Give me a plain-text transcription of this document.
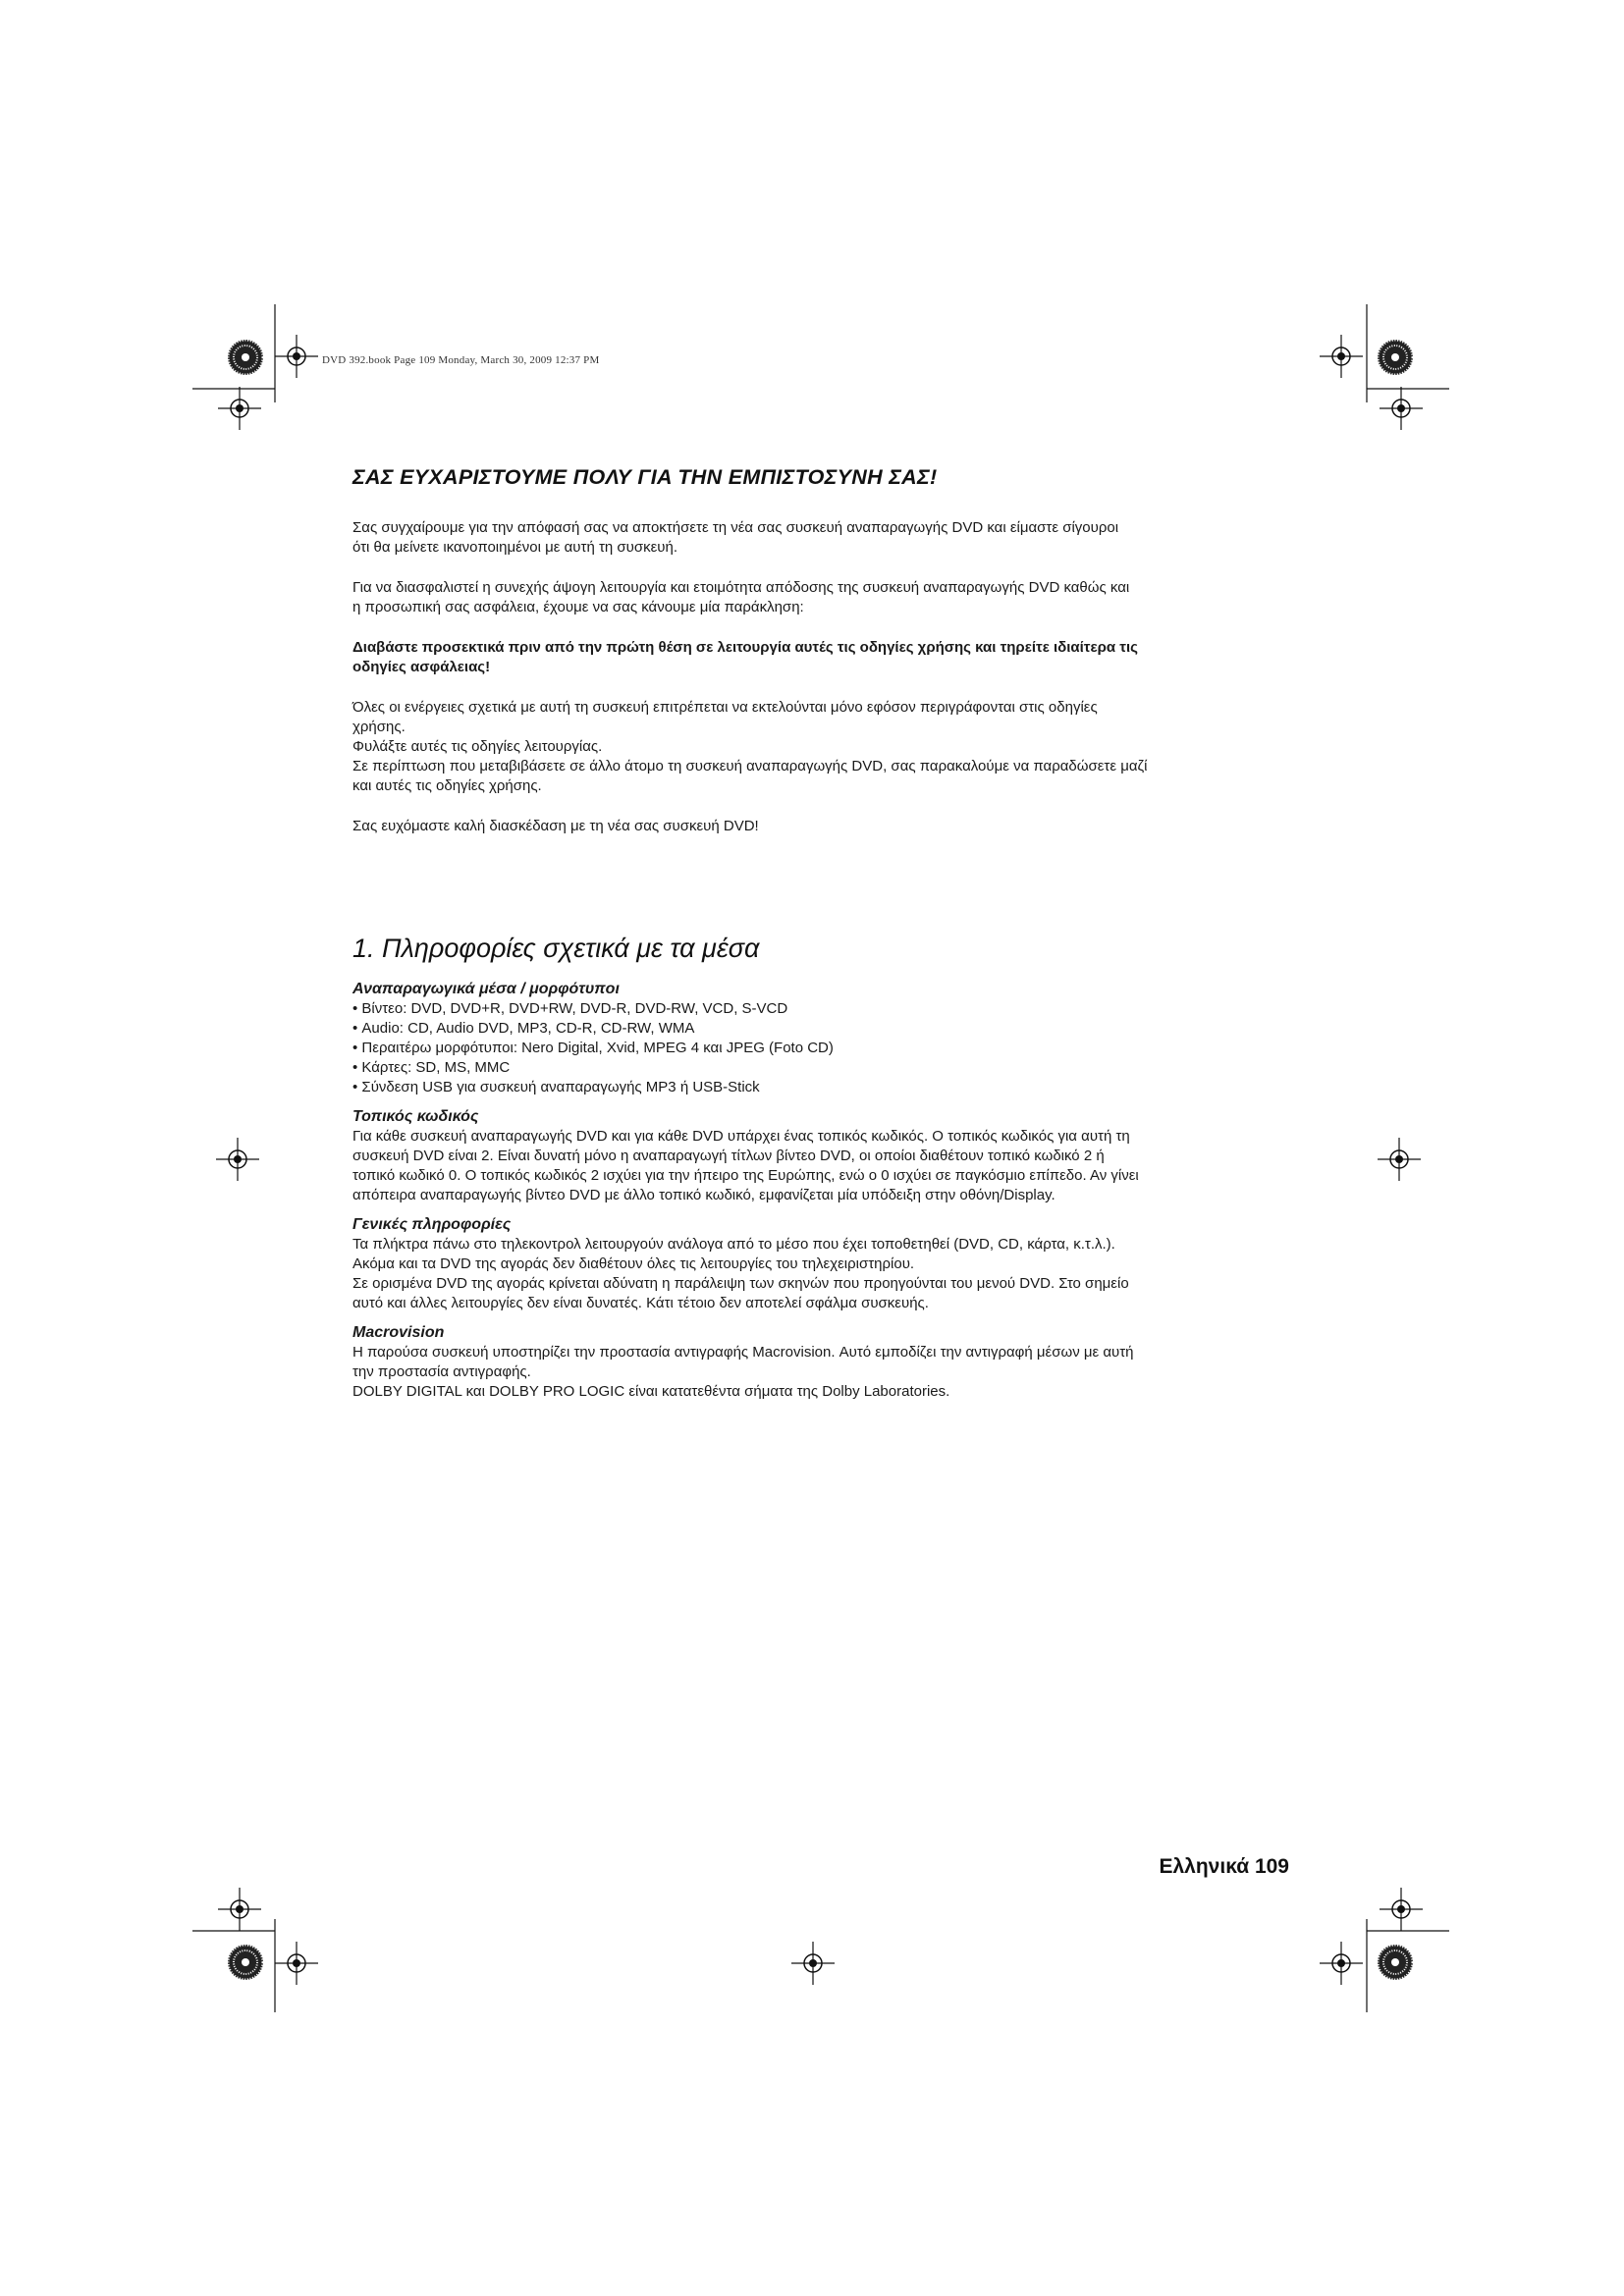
DVD 392.book Page 109 Monday, March 30, 2009 12:37 PM
ΣΑΣ ΕΥΧΑΡΙΣΤΟΥΜΕ ΠΟΛΥ ΓΙΑ ΤΗΝ ΕΜΠΙΣΤΟΣΥΝΗ ΣΑΣ!

Σας συγχαίρουμε για την απόφασή σας να αποκτήσετε τη νέα σας συσκευή αναπαραγωγής DVD και είμαστε σίγουροι
ότι θα μείνετε ικανοποιημένοι με αυτή τη συσκευή.

Για να διασφαλιστεί η συνεχής άψογη λειτουργία και ετοιμότητα απόδοσης της συσκευή αναπαραγωγής DVD καθώς και
η προσωπική σας ασφάλεια, έχουμε να σας κάνουμε μία παράκληση:

Διαβάστε προσεκτικά πριν από την πρώτη θέση σε λειτουργία αυτές τις οδηγίες χρήσης και τηρείτε ιδιαίτερα τις
οδηγίες ασφάλειας!

Όλες οι ενέργειες σχετικά με αυτή τη συσκευή επιτρέπεται να εκτελούνται μόνο εφόσον περιγράφονται στις οδηγίες
χρήσης.
Φυλάξτε αυτές τις οδηγίες λειτουργίας.
Σε περίπτωση που μεταβιβάσετε σε άλλο άτομο τη συσκευή αναπαραγωγής DVD, σας παρακαλούμε να παραδώσετε μαζί
και αυτές τις οδηγίες χρήσης.

Σας ευχόμαστε καλή διασκέδαση με τη νέα σας συσκευή DVD!

1. Πληροφορίες σχετικά με τα μέσα

Αναπαραγωγικά μέσα / μορφότυποι

• Βίντεο: DVD, DVD+R, DVD+RW, DVD-R, DVD-RW, VCD, S-VCD
• Audio: CD, Audio DVD, MP3, CD-R, CD-RW, WMA
• Περαιτέρω μορφότυποι: Nero Digital, Xvid, MPEG 4 και JPEG (Foto CD)
• Κάρτες: SD, MS, MMC
• Σύνδεση USB για συσκευή αναπαραγωγής MP3 ή USB-Stick

Τοπικός κωδικός

Για κάθε συσκευή αναπαραγωγής DVD και για κάθε DVD υπάρχει ένας τοπικός κωδικός. Ο τοπικός κωδικός για αυτή τη
συσκευή DVD είναι 2. Είναι δυνατή μόνο η αναπαραγωγή τίτλων βίντεο DVD, οι οποίοι διαθέτουν τοπικό κωδικό 2 ή
τοπικό κωδικό 0. Ο τοπικός κωδικός 2 ισχύει για την ήπειρο της Ευρώπης, ενώ ο 0 ισχύει σε παγκόσμιο επίπεδο. Αν γίνει
απόπειρα αναπαραγωγής βίντεο DVD με άλλο τοπικό κωδικό, εμφανίζεται μία υπόδειξη στην οθόνη/Display.

Γενικές πληροφορίες

Τα πλήκτρα πάνω στο τηλεκοντρολ λειτουργούν ανάλογα από το μέσο που έχει τοποθετηθεί (DVD, CD, κάρτα, κ.τ.λ.).
Ακόμα και τα DVD της αγοράς δεν διαθέτουν όλες τις λειτουργίες του τηλεχειριστηρίου.
Σε ορισμένα DVD της αγοράς κρίνεται αδύνατη η παράλειψη των σκηνών που προηγούνται του μενού DVD. Στο σημείο
αυτό και άλλες λειτουργίες δεν είναι δυνατές. Κάτι τέτοιο δεν αποτελεί σφάλμα συσκευής.

Macrovision

Η παρούσα συσκευή υποστηρίζει την προστασία αντιγραφής Macrovision. Αυτό εμποδίζει την αντιγραφή μέσων με αυτή
την προστασία αντιγραφής.
DOLBY DIGITAL και DOLBY PRO LOGIC είναι κατατεθέντα σήματα της Dolby Laboratories.

Ελληνικά 109
